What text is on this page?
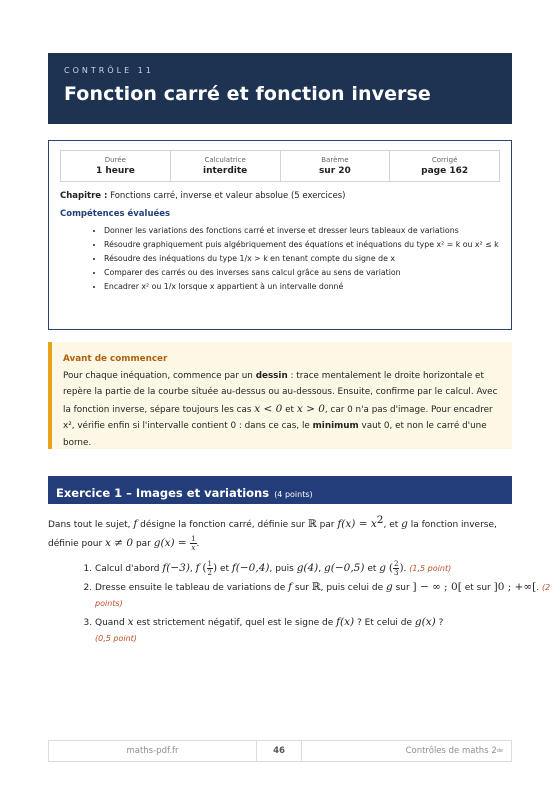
CONTRÔLE 11
Fonction carré et fonction inverse
Durée
1 heure
Calculatrice
interdite
Barème
sur 20
Corrigé
page 162
Chapitre : Fonctions carré, inverse et valeur absolue (5 exercices)
Compétences évaluées
• Donner les variations des fonctions carré et inverse et dresser leurs tableaux de variations
• Résoudre graphiquement puis algébriquement des équations et inéquations du type x² = k ou x² ≤ k
• Résoudre des inéquations du type 1/x > k en tenant compte du signe de x
• Comparer des carrés ou des inverses sans calcul grâce au sens de variation
• Encadrer x² ou 1/x lorsque x appartient à un intervalle donné
Avant de commencer
Pour chaque inéquation, commence par un dessin : trace mentalement le droite horizontale et repère la partie de la courbe située au-dessus ou au-dessous. Ensuite, confirme par le calcul. Avec la fonction inverse, sépare toujours les cas x < 0 et x > 0, car 0 n'a pas d'image. Pour encadrer x², vérifie enfin si l'intervalle contient 0 : dans ce cas, le minimum vaut 0, et non le carré d'une borne.
Exercice 1 – Images et variations (4 points)
Dans tout le sujet, f désigne la fonction carré, définie sur ℝ par $f(x) = x^2$, et g la fonction inverse, définie pour x ≠ 0 par $g(x) = \frac{1}{x}$ .
1. Calcul d'abord f(−3), f ( $\frac{1}{2}$ ) et f(−0,4), puis g(4), g(−0,5) et g ( $\frac{2}{3}$ ). (1,5 point)
2. Dresse ensuite le tableau de variations de f sur ℝ, puis celui de g sur ] − ∞ ; 0[ et sur ]0 ; +∞[. (2 points)
3. Quand x est strictement négatif, quel est le signe de f(x) ? Et celui de g(x) ?
(0,5 point)
maths-pdf.fr	46	Contrôles de maths 2 de
